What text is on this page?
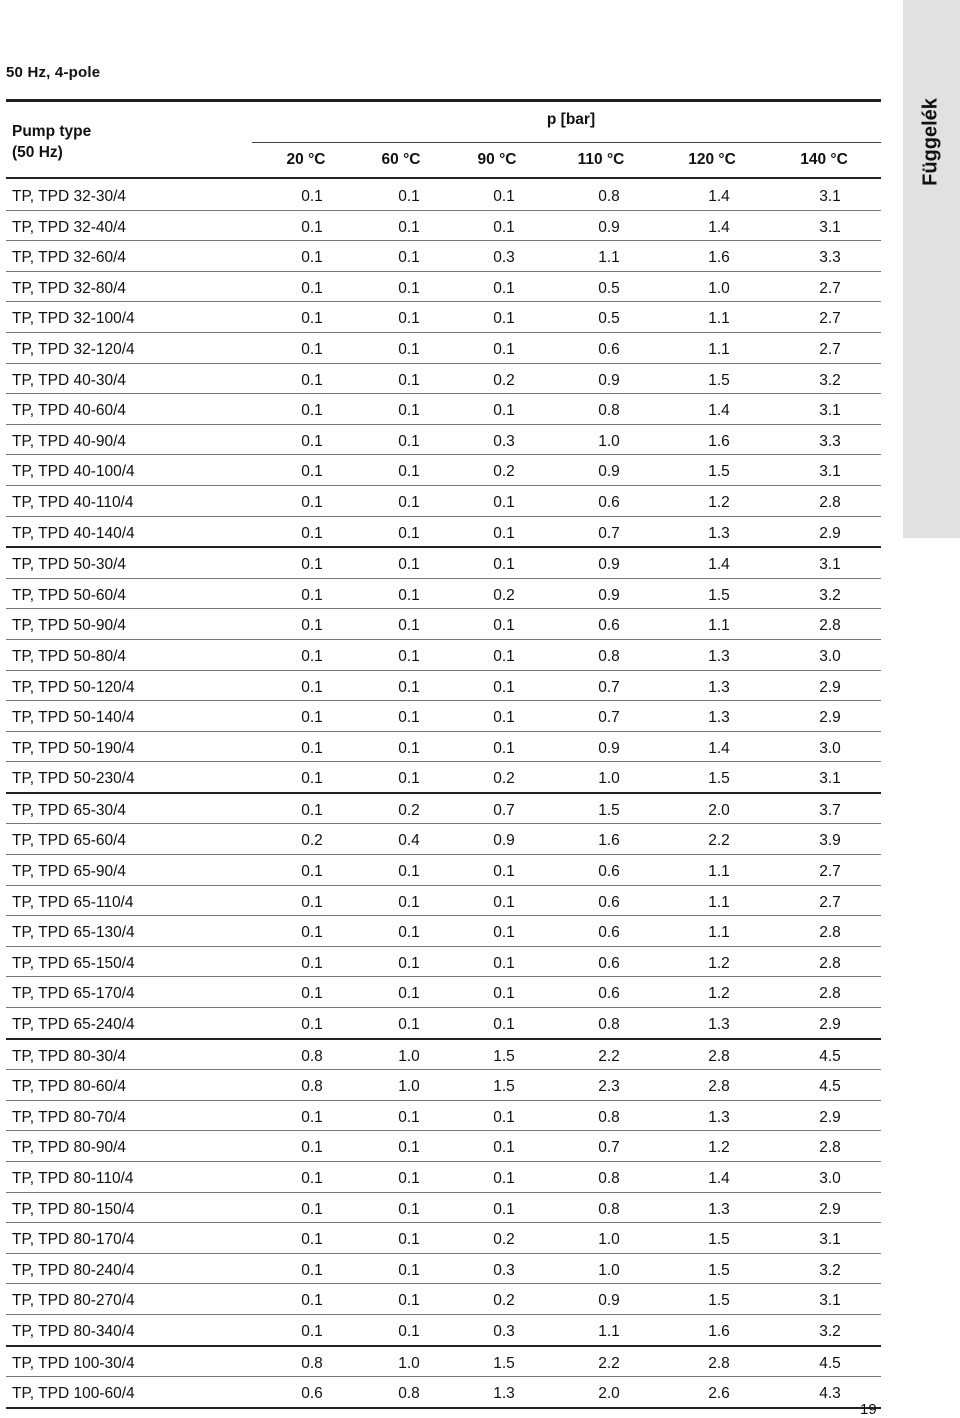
50 Hz, 4-pole
Függelék
Pump type
(50 Hz)
p [bar]
20 °C	60 °C	90 °C	110 °C	120 °C	140 °C
TP, TPD 32-30/4	0.1	0.1	0.1	0.8	1.4	3.1
TP, TPD 32-40/4	0.1	0.1	0.1	0.9	1.4	3.1
TP, TPD 32-60/4	0.1	0.1	0.3	1.1	1.6	3.3
TP, TPD 32-80/4	0.1	0.1	0.1	0.5	1.0	2.7
TP, TPD 32-100/4	0.1	0.1	0.1	0.5	1.1	2.7
TP, TPD 32-120/4	0.1	0.1	0.1	0.6	1.1	2.7
TP, TPD 40-30/4	0.1	0.1	0.2	0.9	1.5	3.2
TP, TPD 40-60/4	0.1	0.1	0.1	0.8	1.4	3.1
TP, TPD 40-90/4	0.1	0.1	0.3	1.0	1.6	3.3
TP, TPD 40-100/4	0.1	0.1	0.2	0.9	1.5	3.1
TP, TPD 40-110/4	0.1	0.1	0.1	0.6	1.2	2.8
TP, TPD 40-140/4	0.1	0.1	0.1	0.7	1.3	2.9
TP, TPD 50-30/4	0.1	0.1	0.1	0.9	1.4	3.1
TP, TPD 50-60/4	0.1	0.1	0.2	0.9	1.5	3.2
TP, TPD 50-90/4	0.1	0.1	0.1	0.6	1.1	2.8
TP, TPD 50-80/4	0.1	0.1	0.1	0.8	1.3	3.0
TP, TPD 50-120/4	0.1	0.1	0.1	0.7	1.3	2.9
TP, TPD 50-140/4	0.1	0.1	0.1	0.7	1.3	2.9
TP, TPD 50-190/4	0.1	0.1	0.1	0.9	1.4	3.0
TP, TPD 50-230/4	0.1	0.1	0.2	1.0	1.5	3.1
TP, TPD 65-30/4	0.1	0.2	0.7	1.5	2.0	3.7
TP, TPD 65-60/4	0.2	0.4	0.9	1.6	2.2	3.9
TP, TPD 65-90/4	0.1	0.1	0.1	0.6	1.1	2.7
TP, TPD 65-110/4	0.1	0.1	0.1	0.6	1.1	2.7
TP, TPD 65-130/4	0.1	0.1	0.1	0.6	1.1	2.8
TP, TPD 65-150/4	0.1	0.1	0.1	0.6	1.2	2.8
TP, TPD 65-170/4	0.1	0.1	0.1	0.6	1.2	2.8
TP, TPD 65-240/4	0.1	0.1	0.1	0.8	1.3	2.9
TP, TPD 80-30/4	0.8	1.0	1.5	2.2	2.8	4.5
TP, TPD 80-60/4	0.8	1.0	1.5	2.3	2.8	4.5
TP, TPD 80-70/4	0.1	0.1	0.1	0.8	1.3	2.9
TP, TPD 80-90/4	0.1	0.1	0.1	0.7	1.2	2.8
TP, TPD 80-110/4	0.1	0.1	0.1	0.8	1.4	3.0
TP, TPD 80-150/4	0.1	0.1	0.1	0.8	1.3	2.9
TP, TPD 80-170/4	0.1	0.1	0.2	1.0	1.5	3.1
TP, TPD 80-240/4	0.1	0.1	0.3	1.0	1.5	3.2
TP, TPD 80-270/4	0.1	0.1	0.2	0.9	1.5	3.1
TP, TPD 80-340/4	0.1	0.1	0.3	1.1	1.6	3.2
TP, TPD 100-30/4	0.8	1.0	1.5	2.2	2.8	4.5
TP, TPD 100-60/4	0.6	0.8	1.3	2.0	2.6	4.3
19
